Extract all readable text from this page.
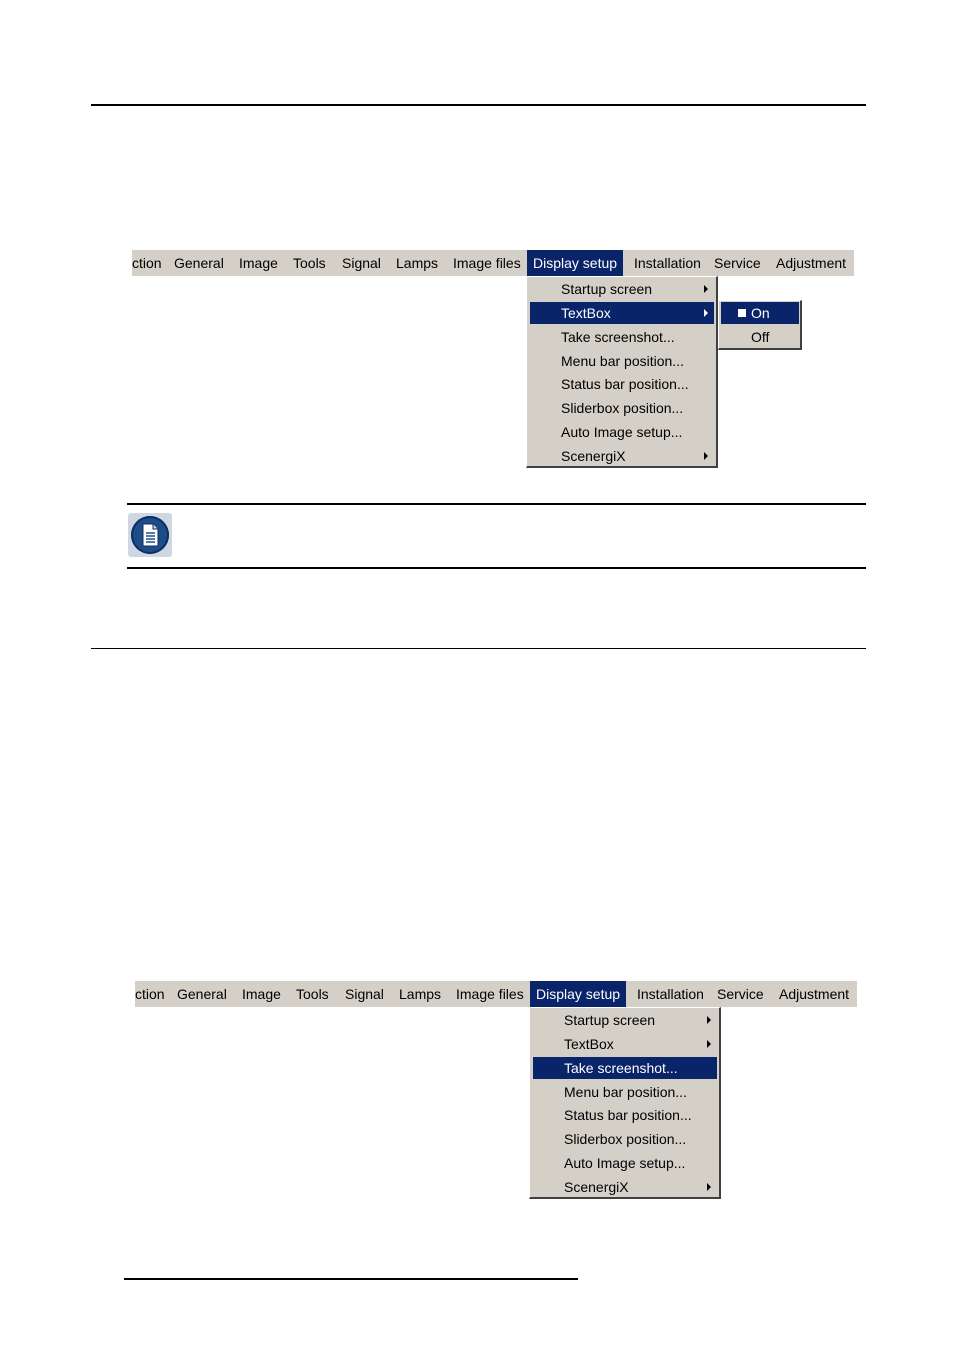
ction General Image Tools Signal Lamps Image files Display setup	Installation Service Adjustment
Startup screen
TextBox
Take screenshot...
Menu bar position...
Status bar position...
Sliderbox position...
Auto Image setup...
ScenergiX
On
Off
ction General Image Tools Signal Lamps Image files Display setup	Installation Service Adjustment
Startup screen
TextBox
Take screenshot...
Menu bar position...
Status bar position...
Sliderbox position...
Auto Image setup...
ScenergiX
